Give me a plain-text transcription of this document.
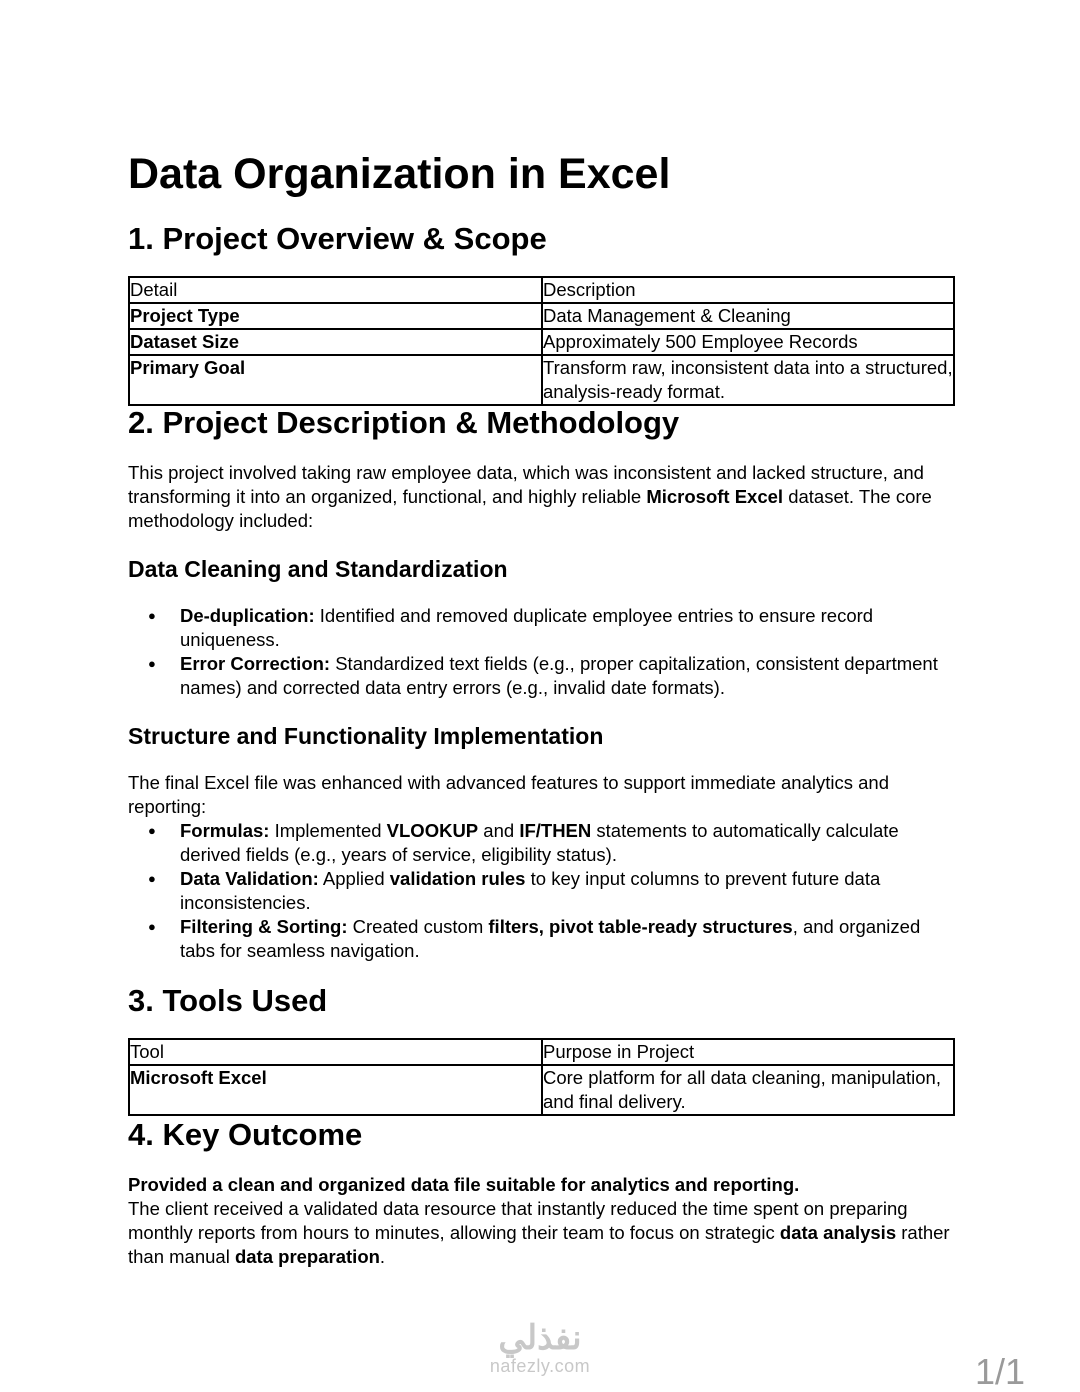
Data Organization in Excel
1. Project Overview & Scope
Detail	Description
Project Type	Data Management & Cleaning
Dataset Size	Approximately 500 Employee Records
Primary Goal	Transform raw, inconsistent data into a structured, analysis-ready format.
2. Project Description & Methodology

This project involved taking raw employee data, which was inconsistent and lacked structure, and transforming it into an organized, functional, and highly reliable Microsoft Excel dataset. The core methodology included:

Data Cleaning and Standardization
● De-duplication: Identified and removed duplicate employee entries to ensure record uniqueness.
● Error Correction: Standardized text fields (e.g., proper capitalization, consistent department names) and corrected data entry errors (e.g., invalid date formats).
Structure and Functionality Implementation

The final Excel file was enhanced with advanced features to support immediate analytics and reporting:

● Formulas: Implemented VLOOKUP and IF/THEN statements to automatically calculate derived fields (e.g., years of service, eligibility status).
● Data Validation: Applied validation rules to key input columns to prevent future data inconsistencies.
● Filtering & Sorting: Created custom filters, pivot table-ready structures, and organized tabs for seamless navigation.
3. Tools Used
Tool	Purpose in Project
Microsoft Excel	Core platform for all data cleaning, manipulation, and final delivery.
4. Key Outcome

Provided a clean and organized data file suitable for analytics and reporting.
The client received a validated data resource that instantly reduced the time spent on preparing monthly reports from hours to minutes, allowing their team to focus on strategic data analysis rather than manual data preparation.

نفذلي
nafezly.com	1/1
